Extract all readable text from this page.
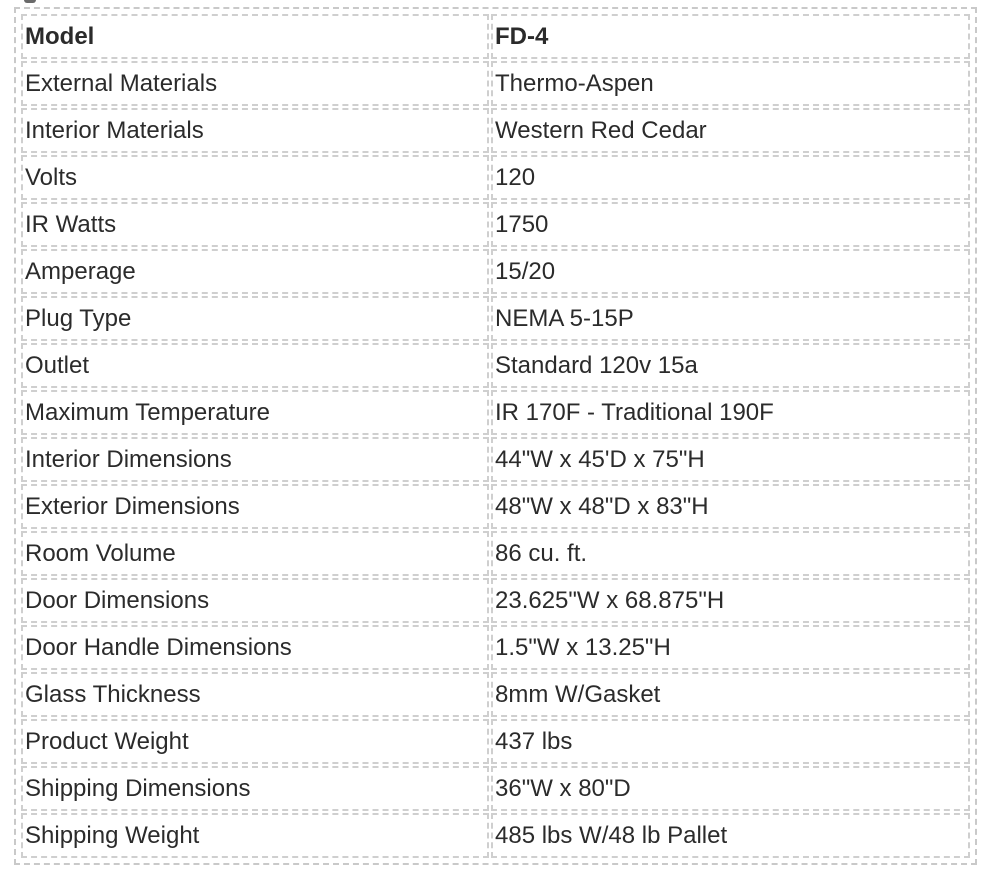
Model	FD-4
External Materials	Thermo-Aspen
Interior Materials	Western Red Cedar
Volts	120
IR Watts	1750
Amperage	15/20
Plug Type	NEMA 5-15P
Outlet	Standard 120v 15a
Maximum Temperature	IR 170F - Traditional 190F
Interior Dimensions	44"W x 45'D x 75"H
Exterior Dimensions	48"W x 48"D x 83"H
Room Volume	86 cu. ft.
Door Dimensions	23.625"W x 68.875"H
Door Handle Dimensions	1.5"W x 13.25"H
Glass Thickness	8mm W/Gasket
Product Weight	437 lbs
Shipping Dimensions	36"W x 80"D
Shipping Weight	485 lbs W/48 lb Pallet
